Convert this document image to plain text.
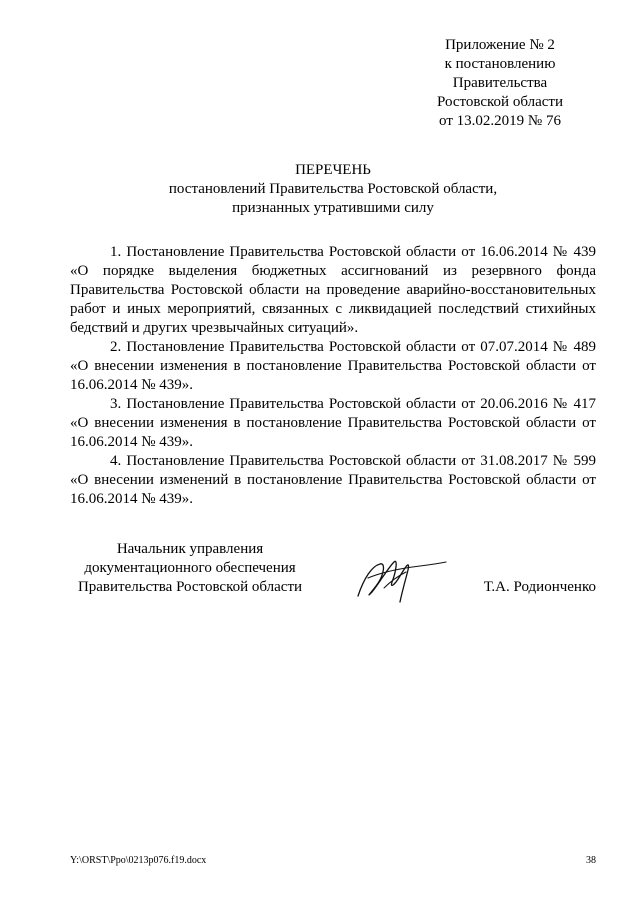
Приложение № 2
к постановлению
Правительства
Ростовской области
от 13.02.2019 № 76
ПЕРЕЧЕНЬ
постановлений Правительства Ростовской области,
признанных утратившими силу

1. Постановление Правительства Ростовской области от 16.06.2014 № 439 «О порядке выделения бюджетных ассигнований из резервного фонда Правительства Ростовской области на проведение аварийно-восстановительных работ и иных мероприятий, связанных с ликвидацией последствий стихийных бедствий и других чрезвычайных ситуаций».

2. Постановление Правительства Ростовской области от 07.07.2014 № 489 «О внесении изменения в постановление Правительства Ростовской области от 16.06.2014 № 439».

3. Постановление Правительства Ростовской области от 20.06.2016 № 417 «О внесении изменения в постановление Правительства Ростовской области от 16.06.2014 № 439».

4. Постановление Правительства Ростовской области от 31.08.2017 № 599 «О внесении изменений в постановление Правительства Ростовской области от 16.06.2014 № 439».

Начальник управления
документационного обеспечения
Правительства Ростовской области	Т.А. Родионченко
Y:\ORST\Ppo\0213p076.f19.docx	38
